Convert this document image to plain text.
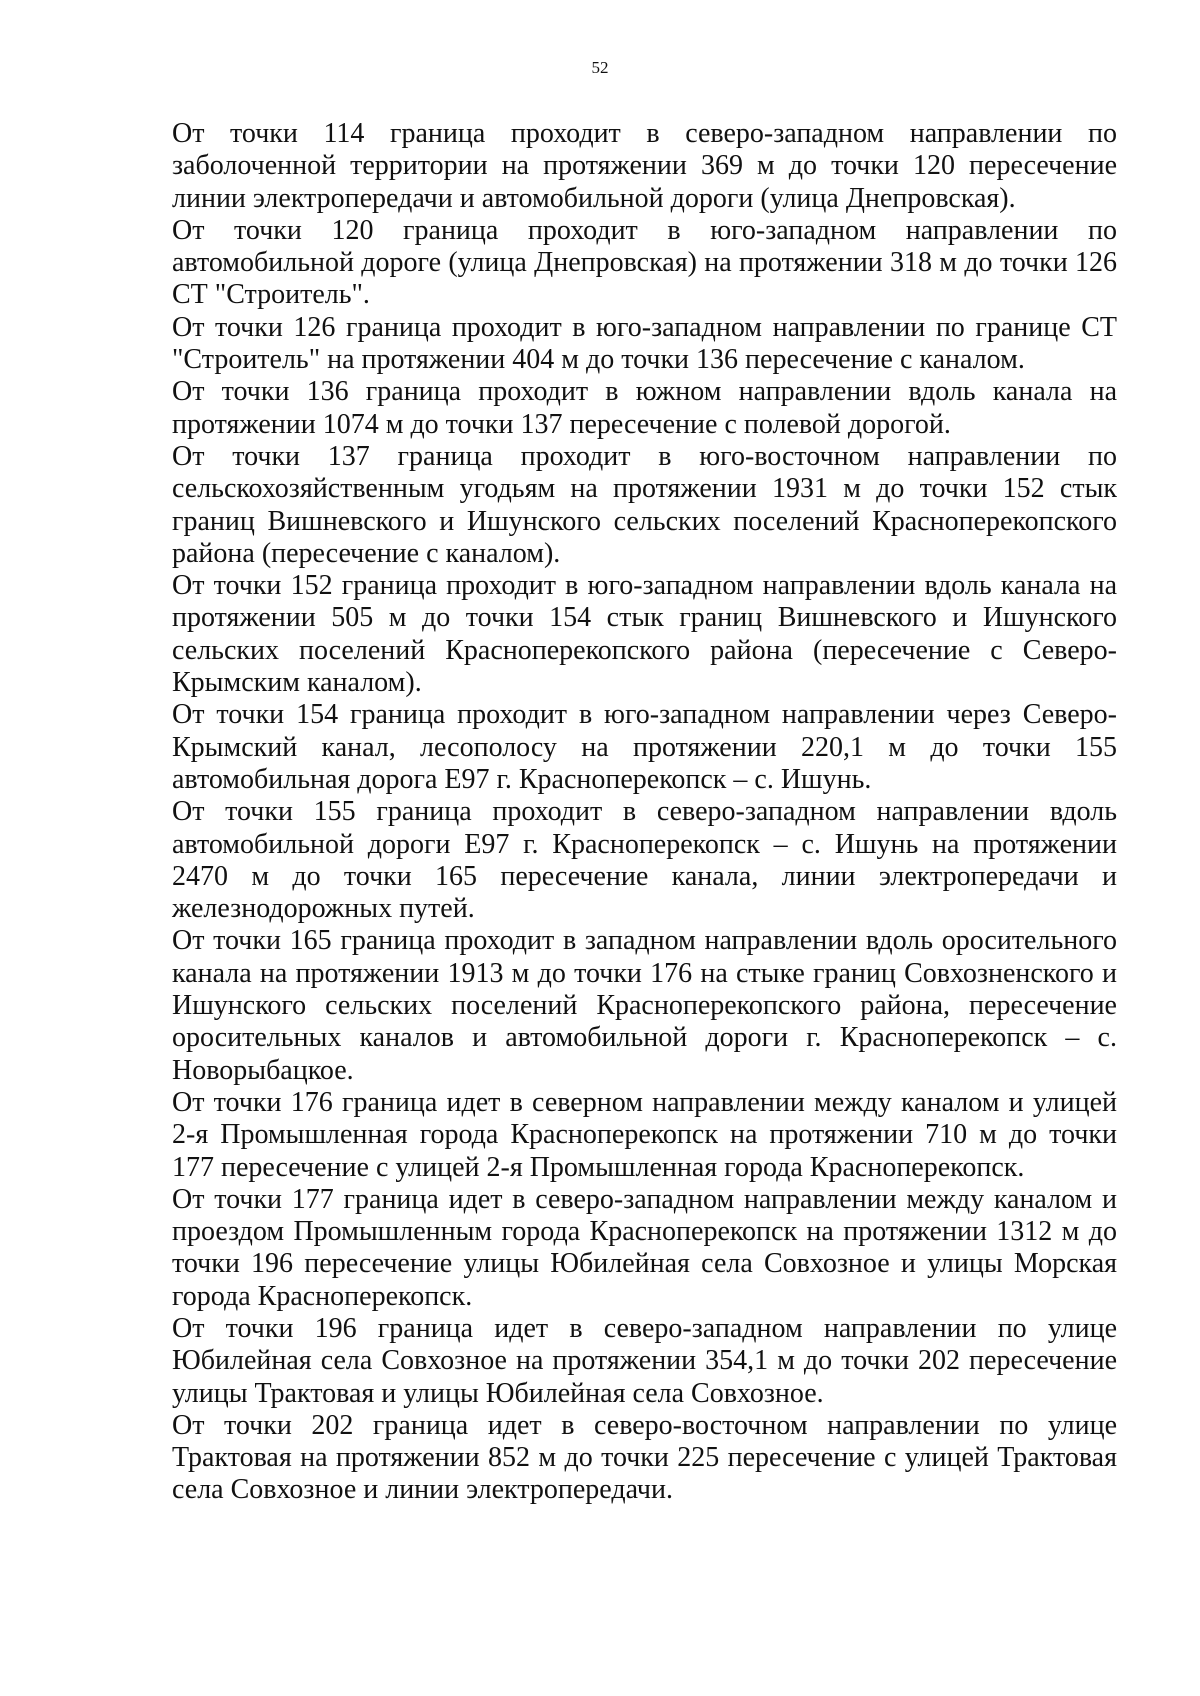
52

От точки 114 граница проходит в северо-западном направлении по заболоченной территории на протяжении 369 м до точки 120 пересечение линии электропередачи и автомобильной дороги (улица Днепровская).

От точки 120 граница проходит в юго-западном направлении по автомобильной дороге (улица Днепровская) на протяжении 318 м до точки 126 СТ "Строитель".

От точки 126 граница проходит в юго-западном направлении по границе СТ "Строитель" на протяжении 404 м до точки 136 пересечение с каналом.

От точки 136 граница проходит в южном направлении вдоль канала на протяжении 1074 м до точки 137 пересечение с полевой дорогой.

От точки 137 граница проходит в юго-восточном направлении по сельскохозяйственным угодьям на протяжении 1931 м до точки 152 стык границ Вишневского и Ишунского сельских поселений Красноперекопского района (пересечение с каналом).

От точки 152 граница проходит в юго-западном направлении вдоль канала на протяжении 505 м до точки 154 стык границ Вишневского и Ишунского сельских поселений Красноперекопского района (пересечение с Северо-Крымским каналом).

От точки 154 граница проходит в юго-западном направлении через Северо-Крымский канал, лесополосу на протяжении 220,1 м до точки 155 автомобильная дорога Е97 г. Красноперекопск – с. Ишунь.

От точки 155 граница проходит в северо-западном направлении вдоль автомобильной дороги Е97 г. Красноперекопск – с. Ишунь на протяжении 2470 м до точки 165 пересечение канала, линии электропередачи и железнодорожных путей.

От точки 165 граница проходит в западном направлении вдоль оросительного канала на протяжении 1913 м до точки 176 на стыке границ Совхозненского и Ишунского сельских поселений Красноперекопского района, пересечение оросительных каналов и автомобильной дороги г. Красноперекопск – с. Новорыбацкое.

От точки 176 граница идет в северном направлении между каналом и улицей 2-я Промышленная города Красноперекопск на протяжении 710 м до точки 177 пересечение с улицей 2-я Промышленная города Красноперекопск.

От точки 177 граница идет в северо-западном направлении между каналом и проездом Промышленным города Красноперекопск на протяжении 1312 м до точки 196 пересечение улицы Юбилейная села Совхозное и улицы Морская города Красноперекопск.

От точки 196 граница идет в северо-западном направлении по улице Юбилейная села Совхозное на протяжении 354,1 м до точки 202 пересечение улицы Трактовая и улицы Юбилейная села Совхозное.

От точки 202 граница идет в северо-восточном направлении по улице Трактовая на протяжении 852 м до точки 225 пересечение с улицей Трактовая села Совхозное и линии электропередачи.
